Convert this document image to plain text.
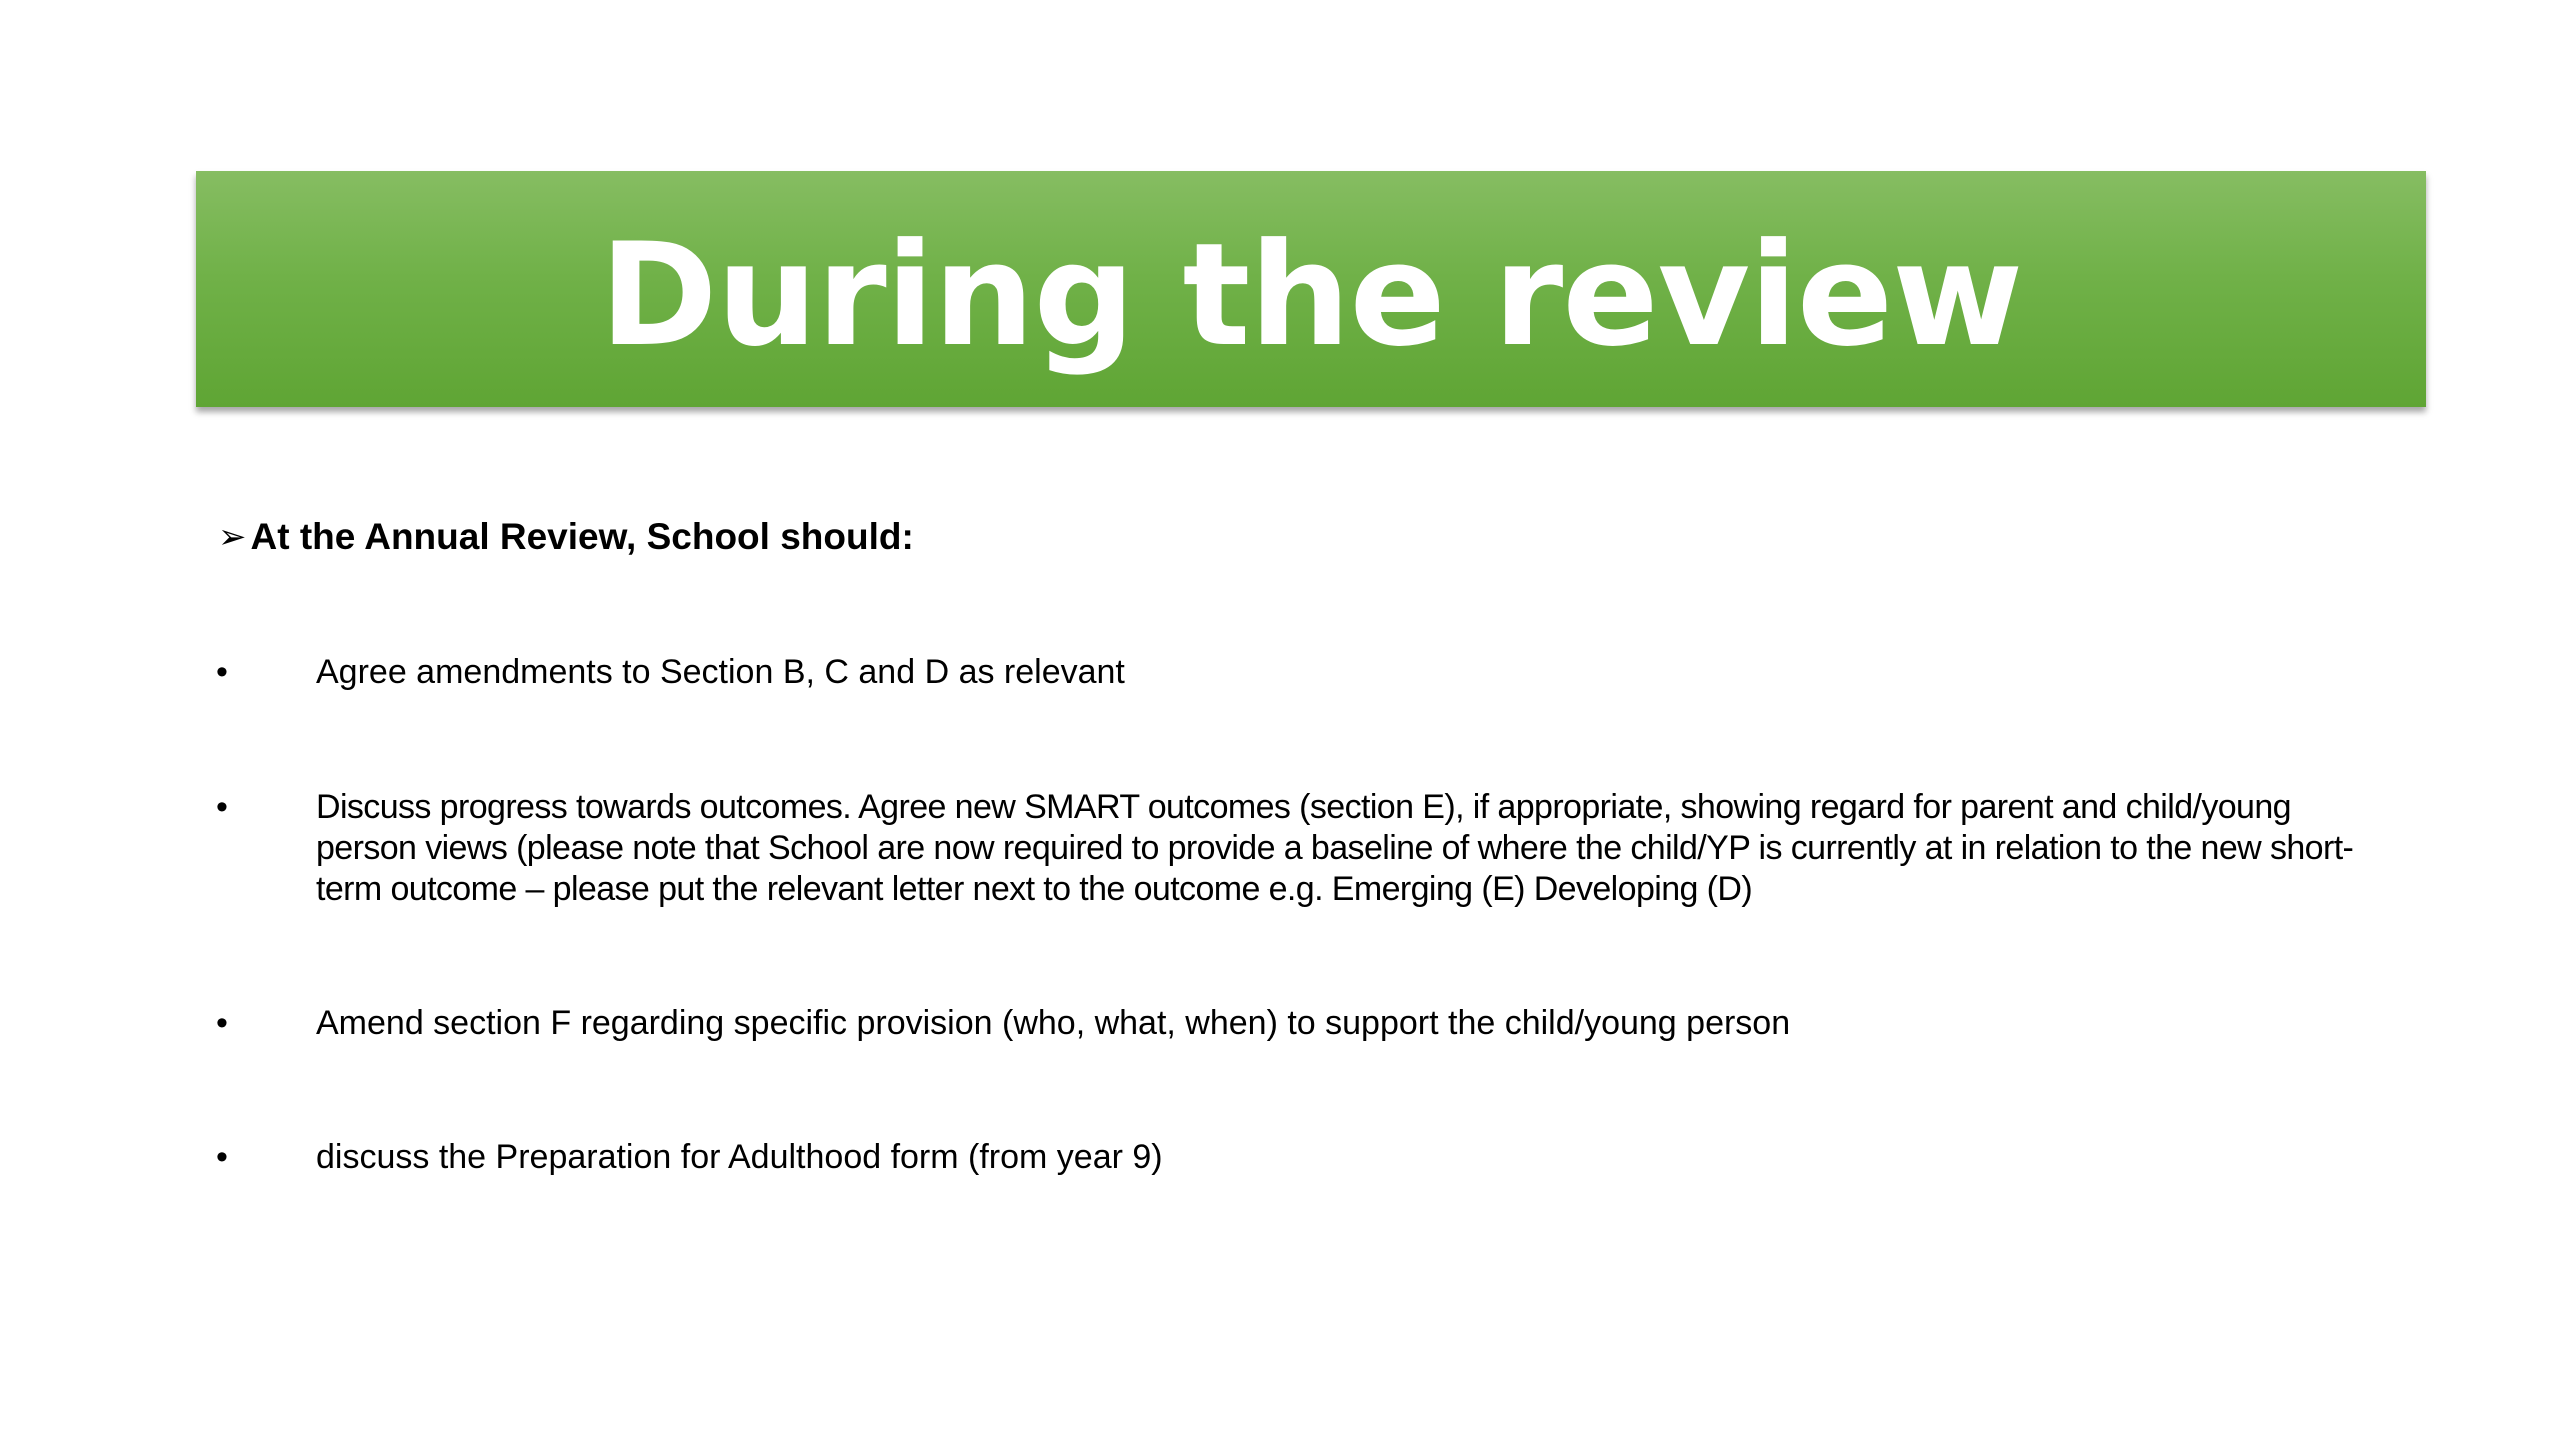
During the review
➢ At the Annual Review, School should:
•	Agree amendments to Section B, C and D as relevant
•	Discuss progress towards outcomes. Agree new SMART outcomes (section E), if appropriate, showing regard for parent and child/young person views (please note that School are now required to provide a baseline of where the child/YP is currently at in relation to the new short-term outcome – please put the relevant letter next to the outcome e.g. Emerging (E) Developing (D)
•	Amend section F regarding specific provision (who, what, when) to support the child/young person
•	discuss the Preparation for Adulthood form (from year 9)
